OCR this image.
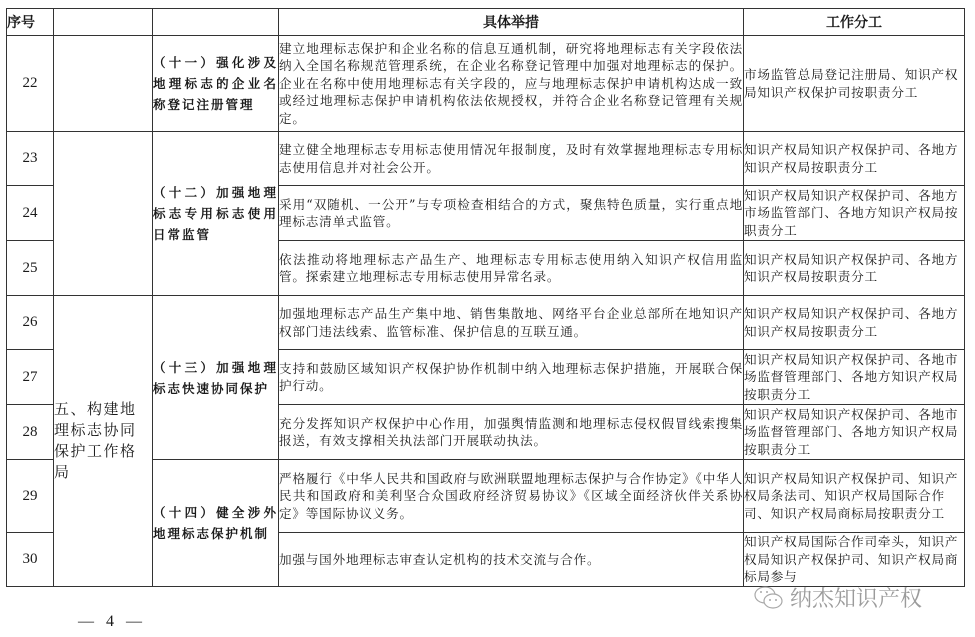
序号			具体举措	工作分工
22		（十一）强化涉及地理标志的企业名称登记注册管理	建立地理标志保护和企业名称的信息互通机制，研究将地理标志有关字段依法纳入全国名称规范管理系统，在企业名称登记管理中加强对地理标志的保护。企业在名称中使用地理标志有关字段的，应与地理标志保护申请机构达成一致或经过地理标志保护申请机构依法依规授权，并符合企业名称登记管理有关规定。	市场监管总局登记注册局、知识产权局知识产权保护司按职责分工
23		（十二）加强地理标志专用标志使用日常监管	建立健全地理标志专用标志使用情况年报制度，及时有效掌握地理标志专用标志使用信息并对社会公开。	知识产权局知识产权保护司、各地方知识产权局按职责分工
24			采用“双随机、一公开”与专项检查相结合的方式，聚焦特色质量，实行重点地理标志清单式监管。	知识产权局知识产权保护司、各地方市场监管部门、各地方知识产权局按职责分工
25			依法推动将地理标志产品生产、地理标志专用标志使用纳入知识产权信用监管。探索建立地理标志专用标志使用异常名录。	知识产权局知识产权保护司、各地方知识产权局按职责分工
26	五、构建地理标志协同保护工作格局	（十三）加强地理标志快速协同保护	加强地理标志产品生产集中地、销售集散地、网络平台企业总部所在地知识产权部门违法线索、监管标准、保护信息的互联互通。	知识产权局知识产权保护司、各地方知识产权局按职责分工
27			支持和鼓励区域知识产权保护协作机制中纳入地理标志保护措施，开展联合保护行动。	知识产权局知识产权保护司、各地市场监督管理部门、各地方知识产权局按职责分工
28			充分发挥知识产权保护中心作用，加强舆情监测和地理标志侵权假冒线索搜集报送，有效支撑相关执法部门开展联动执法。	知识产权局知识产权保护司、各地市场监督管理部门、各地方知识产权局按职责分工
29		（十四）健全涉外地理标志保护机制	严格履行《中华人民共和国政府与欧洲联盟地理标志保护与合作协定》《中华人民共和国政府和美利坚合众国政府经济贸易协议》《区域全面经济伙伴关系协定》等国际协议义务。	知识产权局知识产权保护司、知识产权局条法司、知识产权局国际合作司、知识产权局商标局按职责分工
30			加强与国外地理标志审查认定机构的技术交流与合作。	知识产权局国际合作司牵头，知识产权局知识产权保护司、知识产权局商标局参与
— 4 —
纳杰知识产权
